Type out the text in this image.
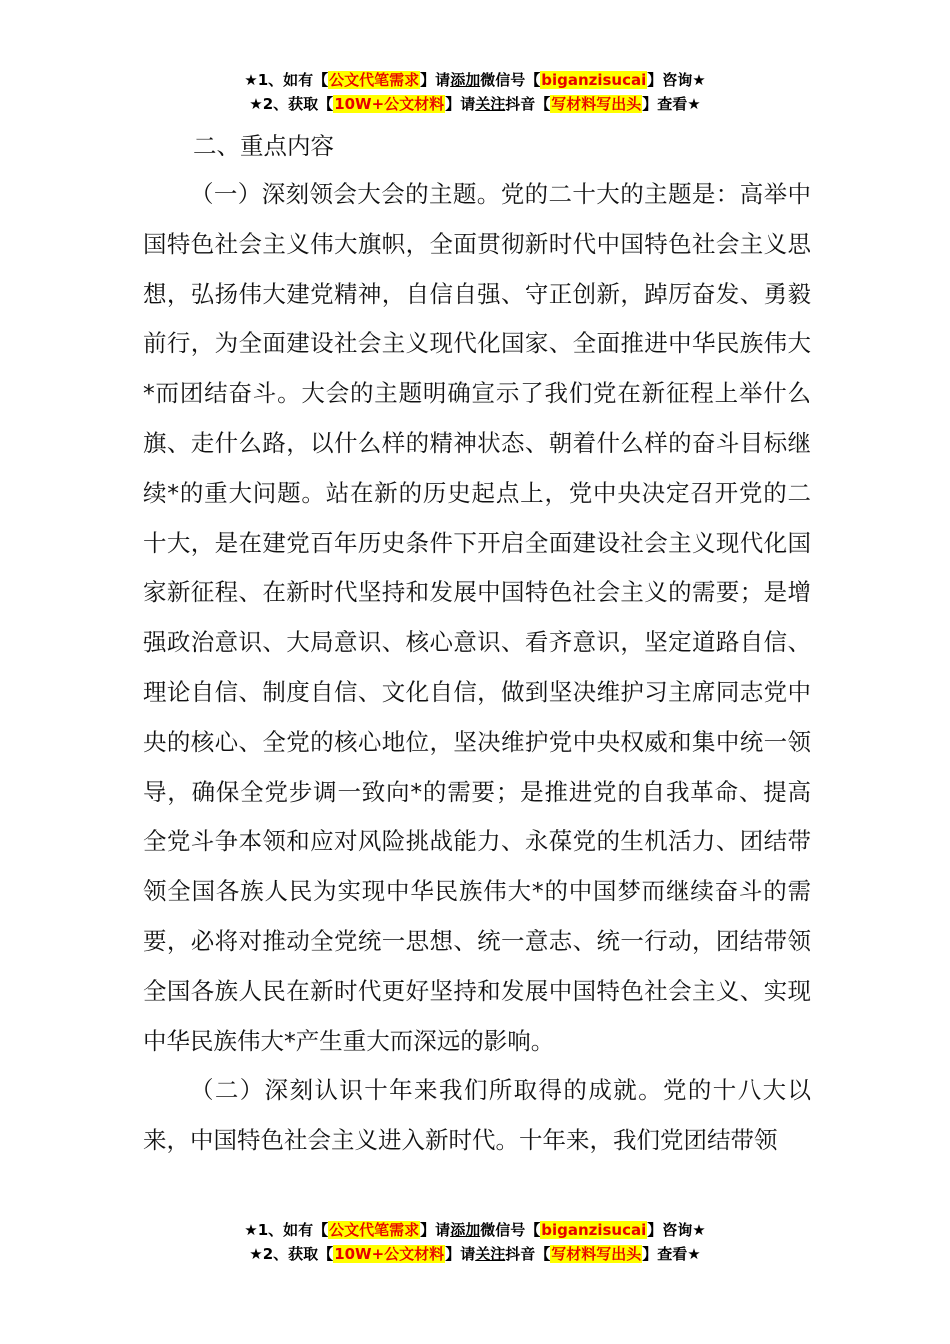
★1、如有【公文代笔需求】请添加微信号【biganzisucai】咨询★
★2、获取【10W+公文材料】请关注抖音【写材料写出头】查看★
二、重点内容

（一）深刻领会大会的主题。党的二十大的主题是：高举中国特色社会主义伟大旗帜，全面贯彻新时代中国特色社会主义思想，弘扬伟大建党精神，自信自强、守正创新，踔厉奋发、勇毅前行，为全面建设社会主义现代化国家、全面推进中华民族伟大*而团结奋斗。大会的主题明确宣示了我们党在新征程上举什么旗、走什么路，以什么样的精神状态、朝着什么样的奋斗目标继续*的重大问题。站在新的历史起点上，党中央决定召开党的二十大，是在建党百年历史条件下开启全面建设社会主义现代化国家新征程、在新时代坚持和发展中国特色社会主义的需要；是增强政治意识、大局意识、核心意识、看齐意识，坚定道路自信、理论自信、制度自信、文化自信，做到坚决维护习主席同志党中央的核心、全党的核心地位，坚决维护党中央权威和集中统一领导，确保全党步调一致向*的需要；是推进党的自我革命、提高全党斗争本领和应对风险挑战能力、永葆党的生机活力、团结带领全国各族人民为实现中华民族伟大*的中国梦而继续奋斗的需要，必将对推动全党统一思想、统一意志、统一行动，团结带领全国各族人民在新时代更好坚持和发展中国特色社会主义、实现中华民族伟大*产生重大而深远的影响。

（二）深刻认识十年来我们所取得的成就。党的十八大以来，中国特色社会主义进入新时代。十年来，我们党团结带领

★1、如有【公文代笔需求】请添加微信号【biganzisucai】咨询★
★2、获取【10W+公文材料】请关注抖音【写材料写出头】查看★
